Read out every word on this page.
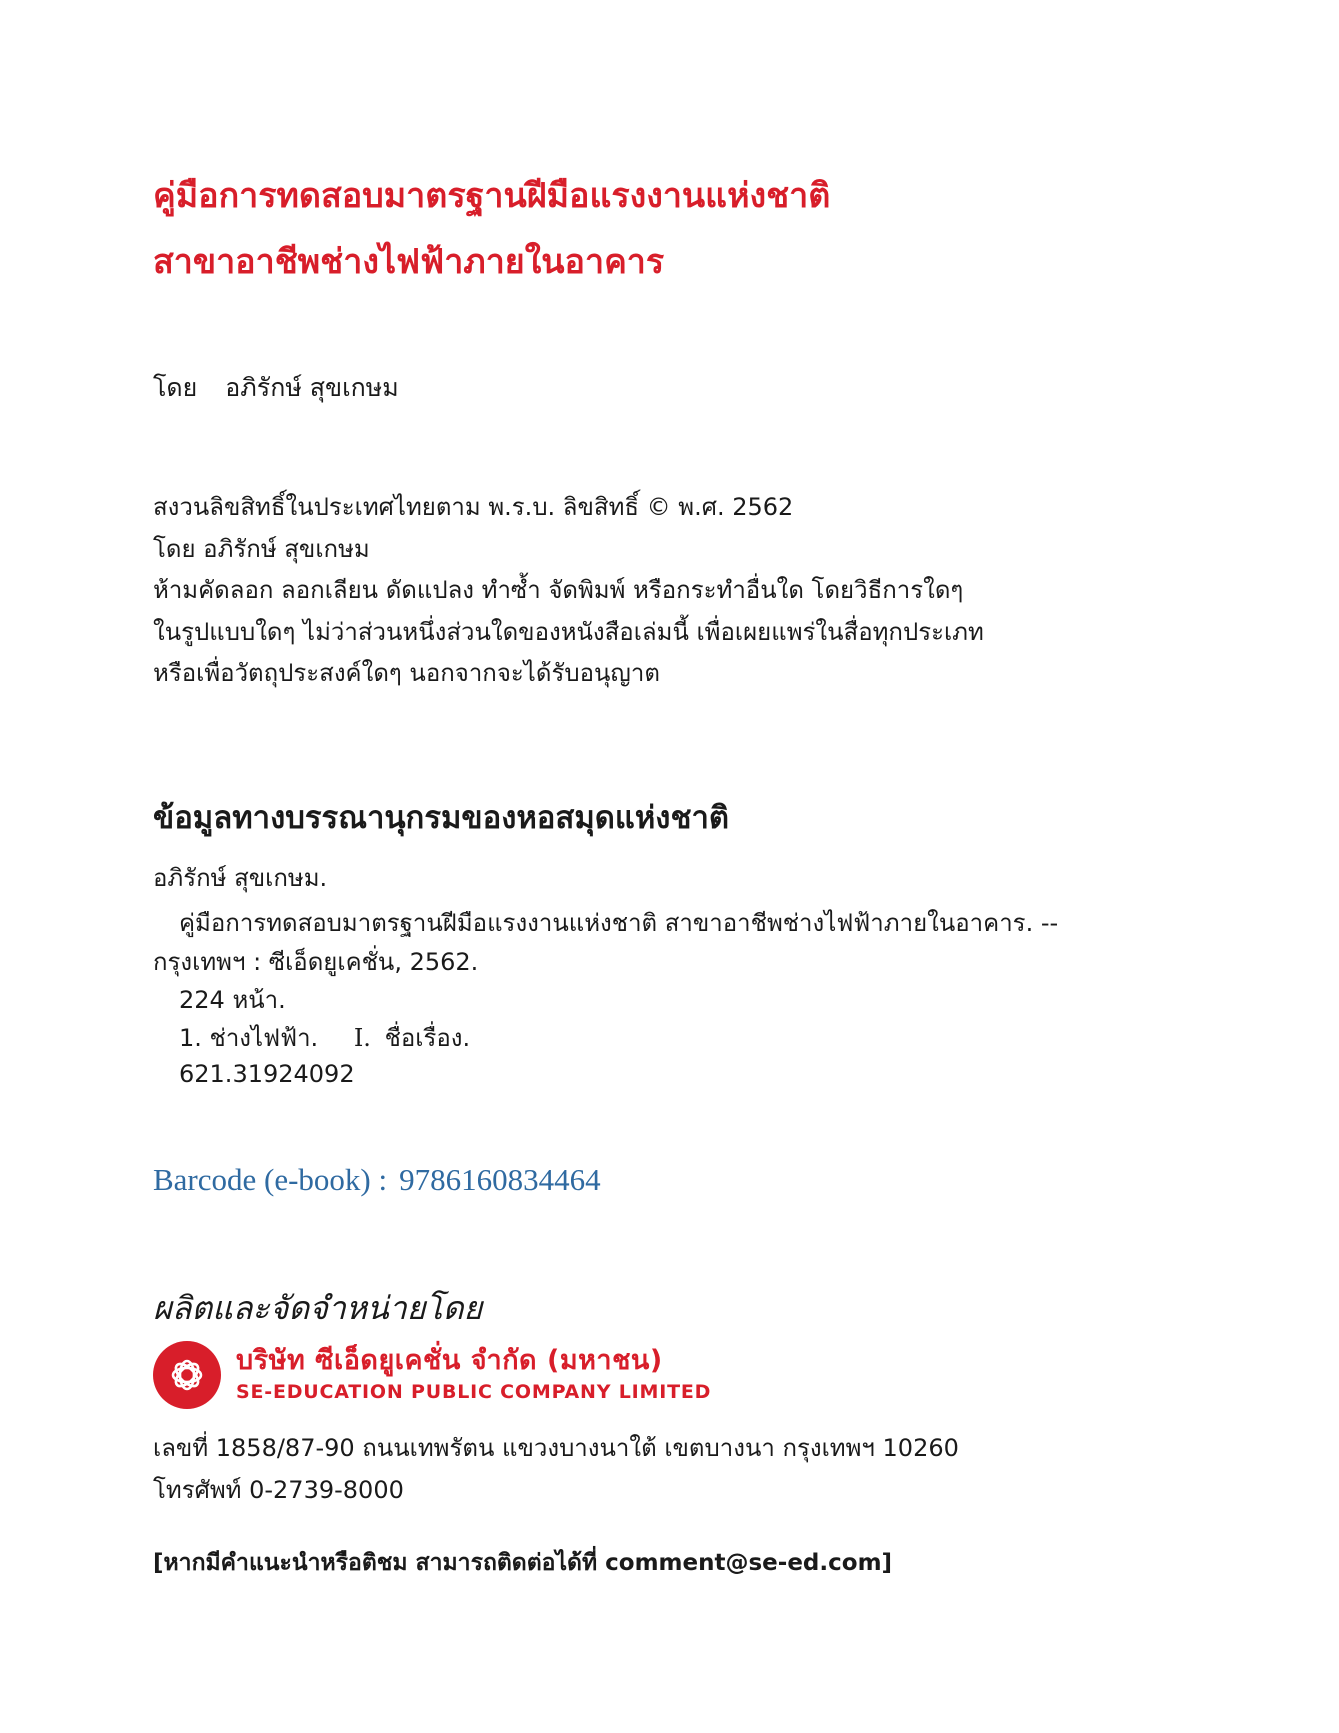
คู่มือการทดสอบมาตรฐานฝีมือแรงงานแห่งชาติ
สาขาอาชีพช่างไฟฟ้าภายในอาคาร
โดย อภิรักษ์ สุขเกษม
สงวนลิขสิทธิ์ในประเทศไทยตาม พ.ร.บ. ลิขสิทธิ์ © พ.ศ. 2562
โดย อภิรักษ์ สุขเกษม
ห้ามคัดลอก ลอกเลียน ดัดแปลง ทำซ้ำ จัดพิมพ์ หรือกระทำอื่นใด โดยวิธีการใดๆ
ในรูปแบบใดๆ ไม่ว่าส่วนหนึ่งส่วนใดของหนังสือเล่มนี้ เพื่อเผยแพร่ในสื่อทุกประเภท
หรือเพื่อวัตถุประสงค์ใดๆ นอกจากจะได้รับอนุญาต
ข้อมูลทางบรรณานุกรมของหอสมุดแห่งชาติ
อภิรักษ์ สุขเกษม.
คู่มือการทดสอบมาตรฐานฝีมือแรงงานแห่งชาติ สาขาอาชีพช่างไฟฟ้าภายในอาคาร. --
กรุงเทพฯ : ซีเอ็ดยูเคชั่น, 2562.
224 หน้า.
1. ช่างไฟฟ้า. I. ชื่อเรื่อง.
621.31924092
Barcode (e-book) : 9786160834464
ผลิตและจัดจำหน่ายโดย
บริษัท ซีเอ็ดยูเคชั่น จำกัด (มหาชน)
SE-EDUCATION PUBLIC COMPANY LIMITED
เลขที่ 1858/87-90 ถนนเทพรัตน แขวงบางนาใต้ เขตบางนา กรุงเทพฯ 10260
โทรศัพท์ 0-2739-8000
[หากมีคำแนะนำหรือติชม สามารถติดต่อได้ที่ comment@se-ed.com]
